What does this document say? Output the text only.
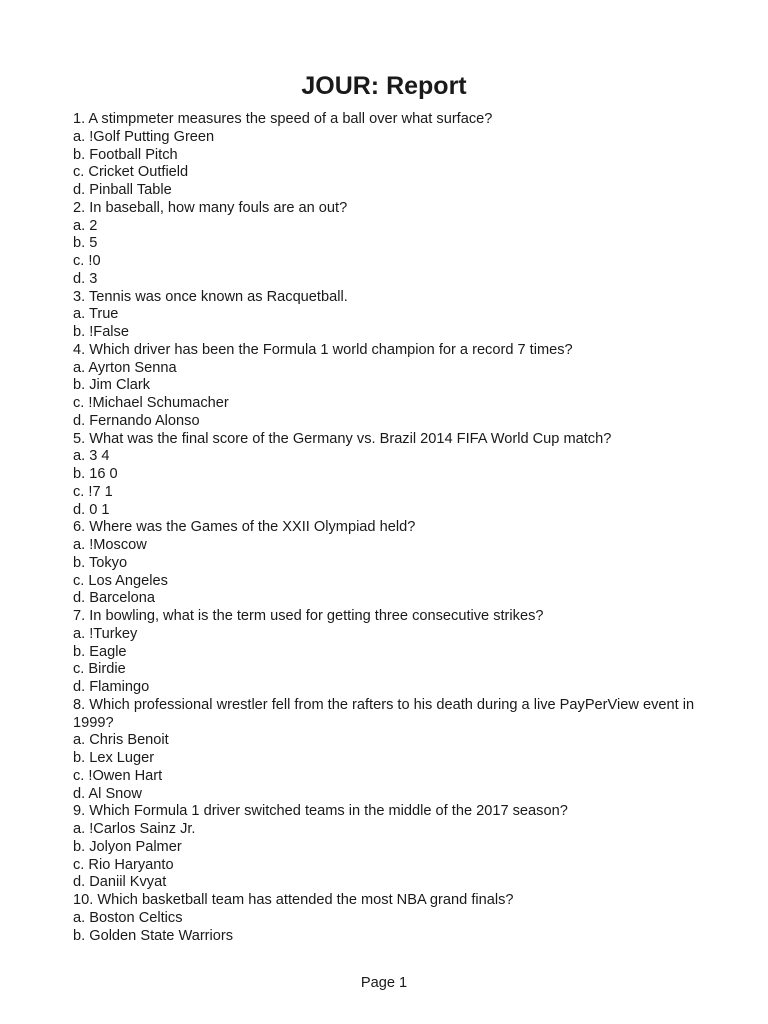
JOUR: Report

1. A stimpmeter measures the speed of a ball over what surface?

a. !Golf Putting Green

b. Football Pitch

c. Cricket Outfield

d. Pinball Table

2. In baseball, how many fouls are an out?

a. 2

b. 5

c. !0

d. 3

3. Tennis was once known as Racquetball.

a. True

b. !False

4. Which driver has been the Formula 1 world champion for a record 7 times?

a. Ayrton Senna

b. Jim Clark

c. !Michael Schumacher

d. Fernando Alonso

5. What was the final score of the Germany vs. Brazil 2014 FIFA World Cup match?

a. 3 4

b. 16 0

c. !7 1

d. 0 1

6. Where was the Games of the XXII Olympiad held?

a. !Moscow

b. Tokyo

c. Los Angeles

d. Barcelona

7. In bowling, what is the term used for getting three consecutive strikes?

a. !Turkey

b. Eagle

c. Birdie

d. Flamingo

8. Which professional wrestler fell from the rafters to his death during a live PayPerView event in 1999?

a. Chris Benoit

b. Lex Luger

c. !Owen Hart

d. Al Snow

9. Which Formula 1 driver switched teams in the middle of the 2017 season?

a. !Carlos Sainz Jr.

b. Jolyon Palmer

c. Rio Haryanto

d. Daniil Kvyat

10. Which basketball team has attended the most NBA grand finals?

a. Boston Celtics

b. Golden State Warriors

Page 1
